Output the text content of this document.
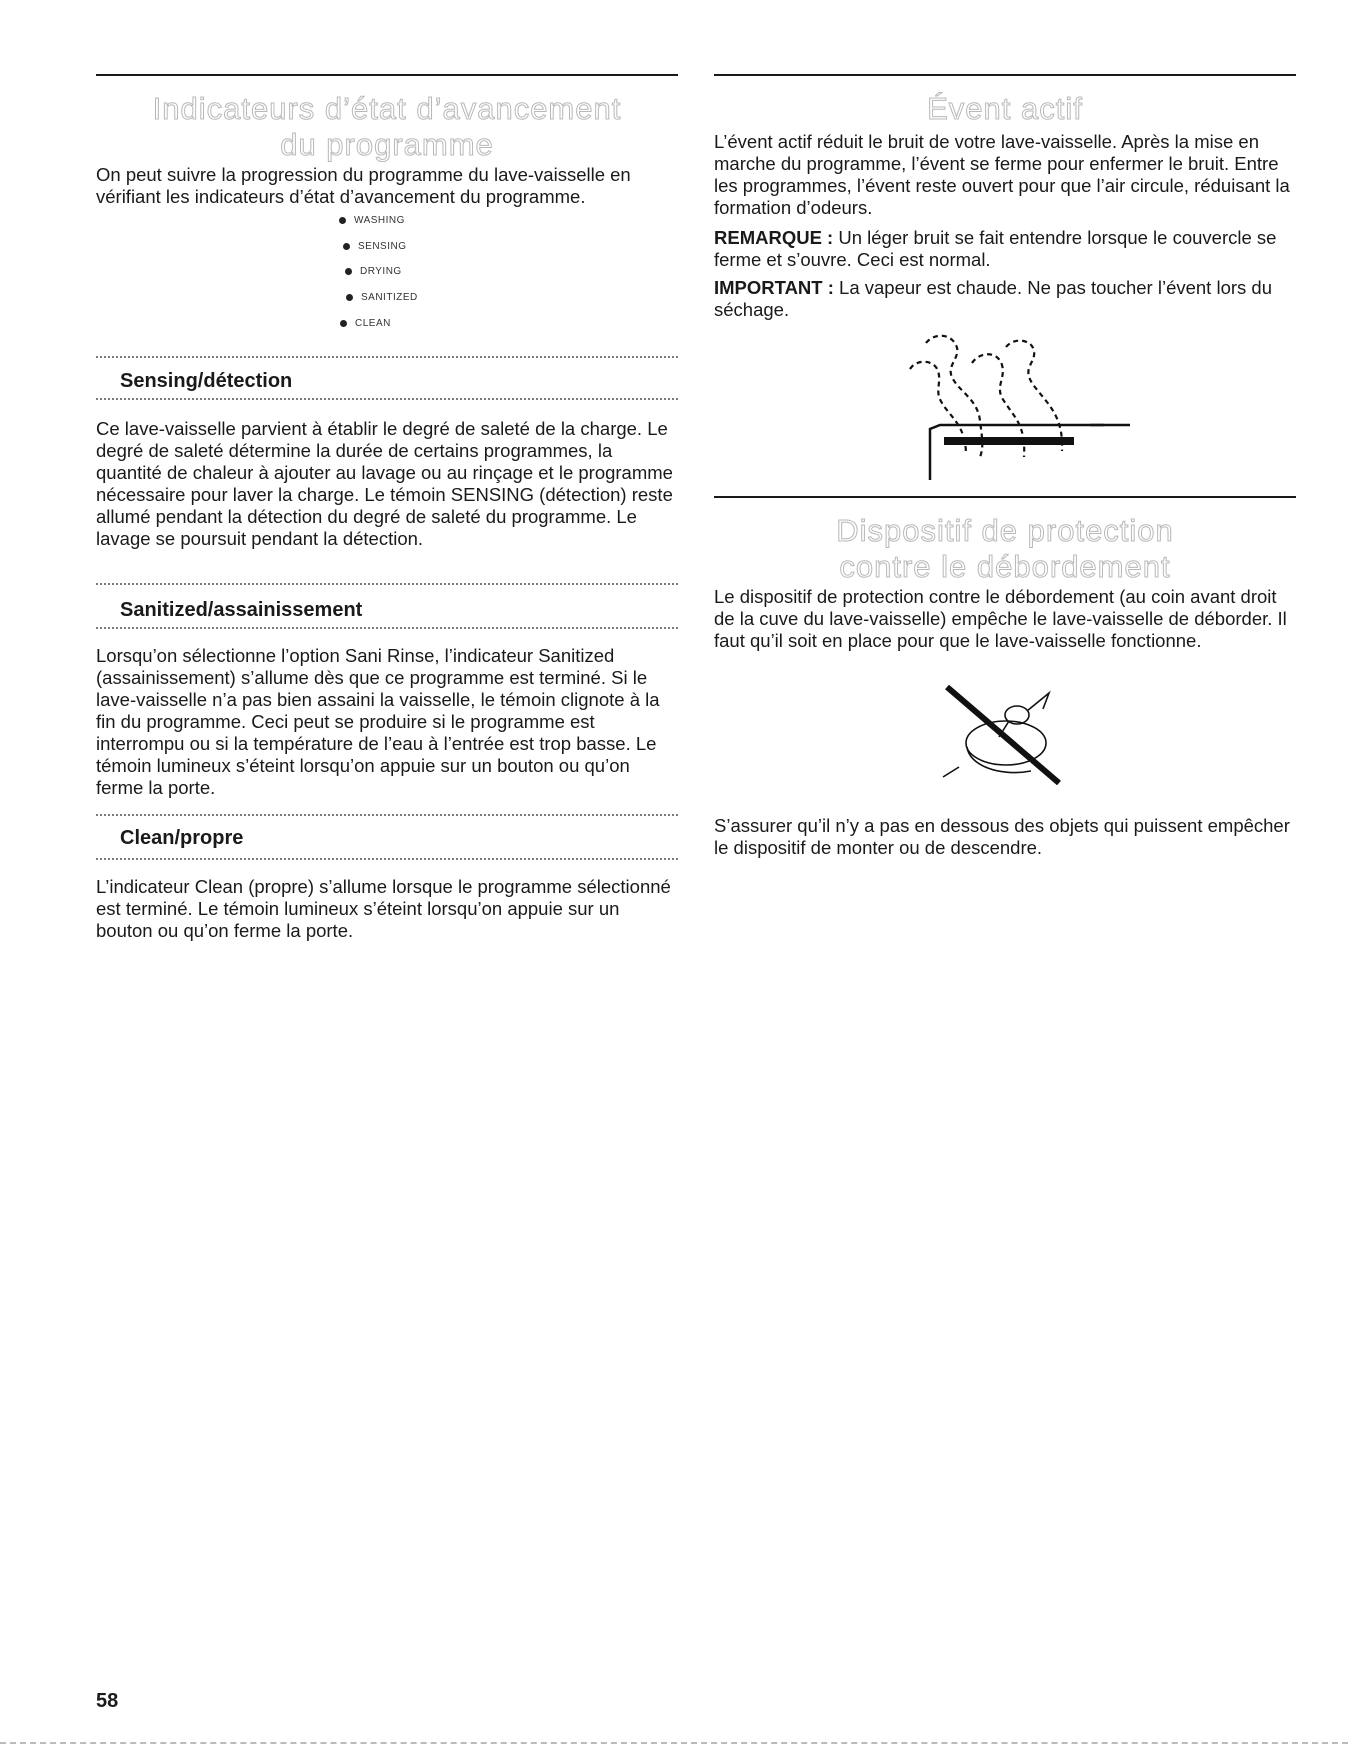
Indicateurs d’état d’avancement
du programme

On peut suivre la progression du programme du lave-vaisselle en vérifiant les indicateurs d’état d’avancement du programme.

WASHING
SENSING
DRYING
SANITIZED
CLEAN
Sensing/détection

Ce lave-vaisselle parvient à établir le degré de saleté de la charge. Le degré de saleté détermine la durée de certains programmes, la quantité de chaleur à ajouter au lavage ou au rinçage et le programme nécessaire pour laver la charge. Le témoin SENSING (détection) reste allumé pendant la détection du degré de saleté du programme. Le lavage se poursuit pendant la détection.

Sanitized/assainissement

Lorsqu’on sélectionne l’option Sani Rinse, l’indicateur Sanitized (assainissement) s’allume dès que ce programme est terminé. Si le lave-vaisselle n’a pas bien assaini la vaisselle, le témoin clignote à la fin du programme. Ceci peut se produire si le programme est interrompu ou si la température de l’eau à l’entrée est trop basse. Le témoin lumineux s’éteint lorsqu’on appuie sur un bouton ou qu’on ferme la porte.

Clean/propre

L’indicateur Clean (propre) s’allume lorsque le programme sélectionné est terminé. Le témoin lumineux s’éteint lorsqu’on appuie sur un bouton ou qu’on ferme la porte.

Évent actif

L’évent actif réduit le bruit de votre lave-vaisselle. Après la mise en marche du programme, l’évent se ferme pour enfermer le bruit. Entre les programmes, l’évent reste ouvert pour que l’air circule, réduisant la formation d’odeurs.

REMARQUE : Un léger bruit se fait entendre lorsque le couvercle se ferme et s’ouvre. Ceci est normal.

IMPORTANT : La vapeur est chaude. Ne pas toucher l’évent lors du séchage.

Dispositif de protection
contre le débordement

Le dispositif de protection contre le débordement (au coin avant droit de la cuve du lave-vaisselle) empêche le lave-vaisselle de déborder. Il faut qu’il soit en place pour que le lave-vaisselle fonctionne.

S’assurer qu’il n’y a pas en dessous des objets qui puissent empêcher le dispositif de monter ou de descendre.

58
